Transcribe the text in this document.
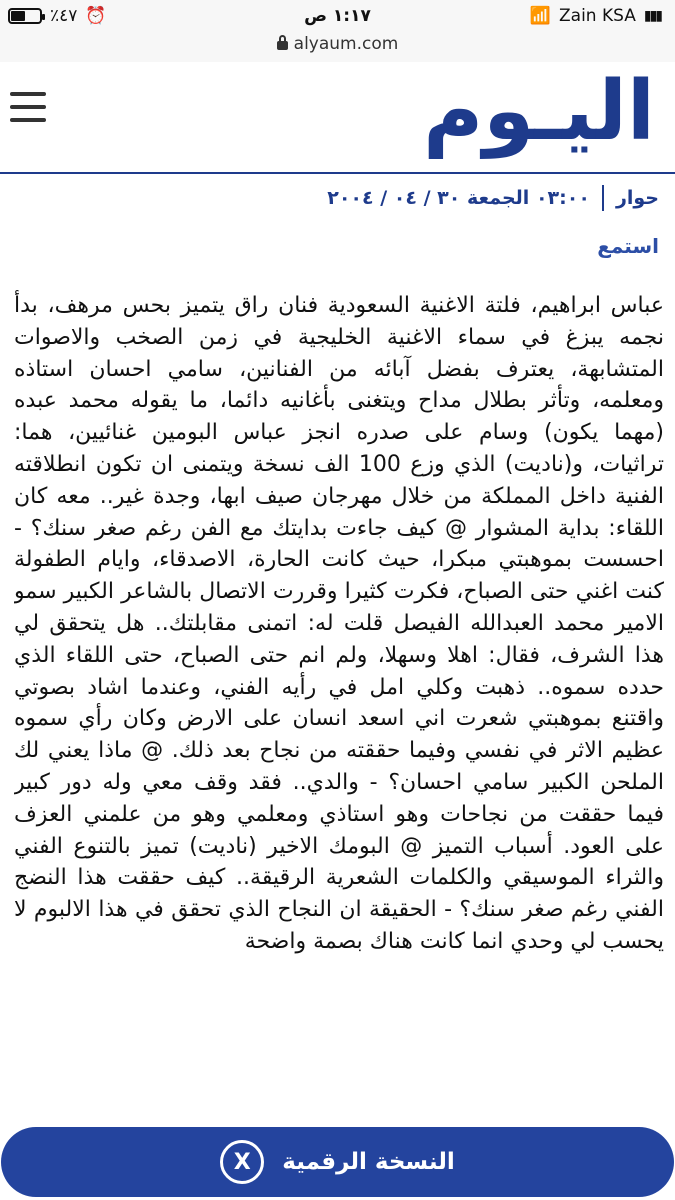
٪٤٧ ⏰	١:١٧ ص	📶 Zain KSA ▮▮▮
alyaum.com
اليـوم
حوار
٠٣:٠٠ الجمعة ٣٠ / ٠٤ / ٢٠٠٤
استمع

عباس ابراهيم، فلتة الاغنية السعودية فنان راق يتميز بحس مرهف، بدأ نجمه يبزغ في سماء الاغنية الخليجية في زمن الصخب والاصوات المتشابهة، يعترف بفضل آبائه من الفنانين، سامي احسان استاذه ومعلمه، وتأثر بطلال مداح ويتغنى بأغانيه دائما، ما يقوله محمد عبده (مهما يكون) وسام على صدره انجز عباس البومين غنائيين، هما: تراثيات، و(ناديت) الذي وزع 100 الف نسخة ويتمنى ان تكون انطلاقته الفنية داخل المملكة من خلال مهرجان صيف ابها، وجدة غير.. معه كان اللقاء: بداية المشوار @ كيف جاءت بدايتك مع الفن رغم صغر سنك؟ - احسست بموهبتي مبكرا، حيث كانت الحارة، الاصدقاء، وايام الطفولة كنت اغني حتى الصباح، فكرت كثيرا وقررت الاتصال بالشاعر الكبير سمو الامير محمد العبدالله الفيصل قلت له: اتمنى مقابلتك.. هل يتحقق لي هذا الشرف، فقال: اهلا وسهلا، ولم انم حتى الصباح، حتى اللقاء الذي حدده سموه.. ذهبت وكلي امل في رأيه الفني، وعندما اشاد بصوتي واقتنع بموهبتي شعرت اني اسعد انسان على الارض وكان رأي سموه عظيم الاثر في نفسي وفيما حققته من نجاح بعد ذلك. @ ماذا يعني لك الملحن الكبير سامي احسان؟ - والدي.. فقد وقف معي وله دور كبير فيما حققت من نجاحات وهو استاذي ومعلمي وهو من علمني العزف على العود. أسباب التميز @ البومك الاخير (ناديت) تميز بالتنوع الفني والثراء الموسيقي والكلمات الشعرية الرقيقة.. كيف حققت هذا النضج الفني رغم صغر سنك؟ - الحقيقة ان النجاح الذي تحقق في هذا الالبوم لا يحسب لي وحدي انما كانت هناك بصمة واضحة

X	النسخة الرقمية
